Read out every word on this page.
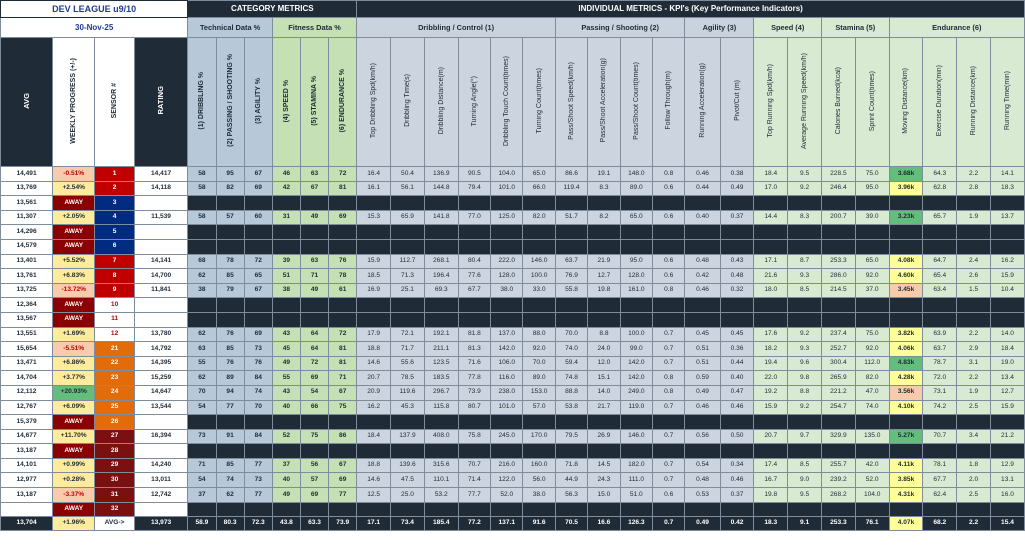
DEV LEAGUE u9/10				CATEGORY METRICS						INDIVIDUAL METRICS - KPI's (Key Performance Indicators)																			
30-Nov-25				Technical Data %			Fitness Data %			Dribbling / Control (1)						Passing / Shooting (2)				Agility (3)		Speed (4)		Stamina (5)		Endurance (6)			
AVG	WEEKLY PROGRESS (+/-)	SENSOR #	RATING	(1) DRIBBLING %	(2) PASSING / SHOOTING %	(3) AGILITY %	(4) SPEED %	(5) STAMINA %	(6) ENDURANCE %	Top Dribbling Spd(km/h)	Dribbling Time(s)	Dribbling Distance(m)	Turning Angle(°)	Dribbling Touch Count(times)	Turning Count(times)	Pass/Shoot Speed(km/h)	Pass/Shoot Acceleration(g)	Pass/Shoot Count(times)	Follow Through(m)	Running Acceleration(g)	Pivot/Cut (m)	Top Running Spd(km/h)	Average Running Speed(km/h)	Calories Burned(kcal)	Sprint Count(times)	Moving Distance(km)	Exercise Duration(min)	Running Distance(km)	Running Time(min)
14,491	-0.51%	1	14,417	58	95	67	46	63	72	16.4	50.4	136.9	90.5	104.0	65.0	86.6	19.1	148.0	0.8	0.46	0.38	18.4	9.5	228.5	75.0	3.68k	64.3	2.2	14.1
13,769	+2.54%	2	14,118	58	82	69	42	67	81	16.1	56.1	144.8	79.4	101.0	66.0	119.4	8.3	89.0	0.6	0.44	0.49	17.0	9.2	246.4	95.0	3.96k	62.8	2.8	18.3
13,561	AWAY	3																											
11,307	+2.05%	4	11,539	58	57	60	31	49	69	15.3	65.9	141.8	77.0	125.0	82.0	51.7	8.2	65.0	0.6	0.40	0.37	14.4	8.3	200.7	39.0	3.23k	65.7	1.9	13.7
14,296	AWAY	5																											
14,579	AWAY	6																											
13,401	+5.52%	7	14,141	68	78	72	39	63	76	15.9	112.7	268.1	80.4	222.0	146.0	63.7	21.9	95.0	0.6	0.48	0.43	17.1	8.7	253.3	65.0	4.08k	64.7	2.4	16.2
13,761	+6.83%	8	14,700	62	85	65	51	71	78	18.5	71.3	196.4	77.6	128.0	100.0	76.9	12.7	128.0	0.6	0.42	0.48	21.6	9.3	286.0	92.0	4.60k	65.4	2.6	15.9
13,725	-13.72%	9	11,841	38	79	67	38	49	61	16.9	25.1	69.3	67.7	38.0	33.0	55.8	19.8	161.0	0.8	0.46	0.32	18.0	8.5	214.5	37.0	3.45k	63.4	1.5	10.4
12,364	AWAY	10																											
13,567	AWAY	11																											
13,551	+1.69%	12	13,780	62	76	69	43	64	72	17.9	72.1	192.1	81.8	137.0	88.0	70.0	8.8	100.0	0.7	0.45	0.45	17.6	9.2	237.4	75.0	3.82k	63.9	2.2	14.0
15,654	-5.51%	21	14,792	63	85	73	45	64	81	18.8	71.7	211.1	81.3	142.0	92.0	74.0	24.0	99.0	0.7	0.51	0.36	18.2	9.3	252.7	92.0	4.06k	63.7	2.9	18.4
13,471	+6.86%	22	14,395	55	76	76	49	72	81	14.6	55.6	123.5	71.6	106.0	70.0	59.4	12.0	142.0	0.7	0.51	0.44	19.4	9.6	300.4	112.0	4.83k	78.7	3.1	19.0
14,704	+3.77%	23	15,259	62	89	84	55	69	71	20.7	78.5	183.5	77.8	116.0	89.0	74.8	15.1	142.0	0.8	0.59	0.40	22.0	9.8	265.9	82.0	4.28k	72.0	2.2	13.4
12,112	+20.93%	24	14,647	70	94	74	43	54	67	20.9	119.6	296.7	73.9	238.0	153.0	88.8	14.0	249.0	0.8	0.49	0.47	19.2	8.8	221.2	47.0	3.56k	73.1	1.9	12.7
12,767	+6.09%	25	13,544	54	77	70	40	66	75	16.2	45.3	115.8	80.7	101.0	57.0	53.8	21.7	119.0	0.7	0.46	0.46	15.9	9.2	254.7	74.0	4.10k	74.2	2.5	15.9
15,379	AWAY	26																											
14,677	+11.70%	27	16,394	73	91	84	52	75	86	18.4	137.9	408.0	75.8	245.0	170.0	79.5	26.9	146.0	0.7	0.56	0.50	20.7	9.7	329.9	135.0	5.27k	70.7	3.4	21.2
13,187	AWAY	28																											
14,101	+0.99%	29	14,240	71	85	77	37	56	67	18.8	139.6	315.6	70.7	216.0	160.0	71.8	14.5	182.0	0.7	0.54	0.34	17.4	8.5	255.7	42.0	4.11k	78.1	1.8	12.9
12,977	+0.28%	30	13,011	54	74	73	40	57	69	14.6	47.5	110.1	71.4	122.0	56.0	44.9	24.3	111.0	0.7	0.48	0.46	16.7	9.0	239.2	52.0	3.85k	67.7	2.0	13.1
13,187	-3.37%	31	12,742	37	62	77	49	69	77	12.5	25.0	53.2	77.7	52.0	38.0	56.3	15.0	51.0	0.6	0.53	0.37	19.8	9.5	268.2	104.0	4.31k	62.4	2.5	16.0
	AWAY	32																											
13,704	+1.96%	AVG->	13,973	58.9	80.3	72.3	43.8	63.3	73.9	17.1	73.4	185.4	77.2	137.1	91.6	70.5	16.6	126.3	0.7	0.49	0.42	18.3	9.1	253.3	76.1	4.07k	68.2	2.2	15.4
